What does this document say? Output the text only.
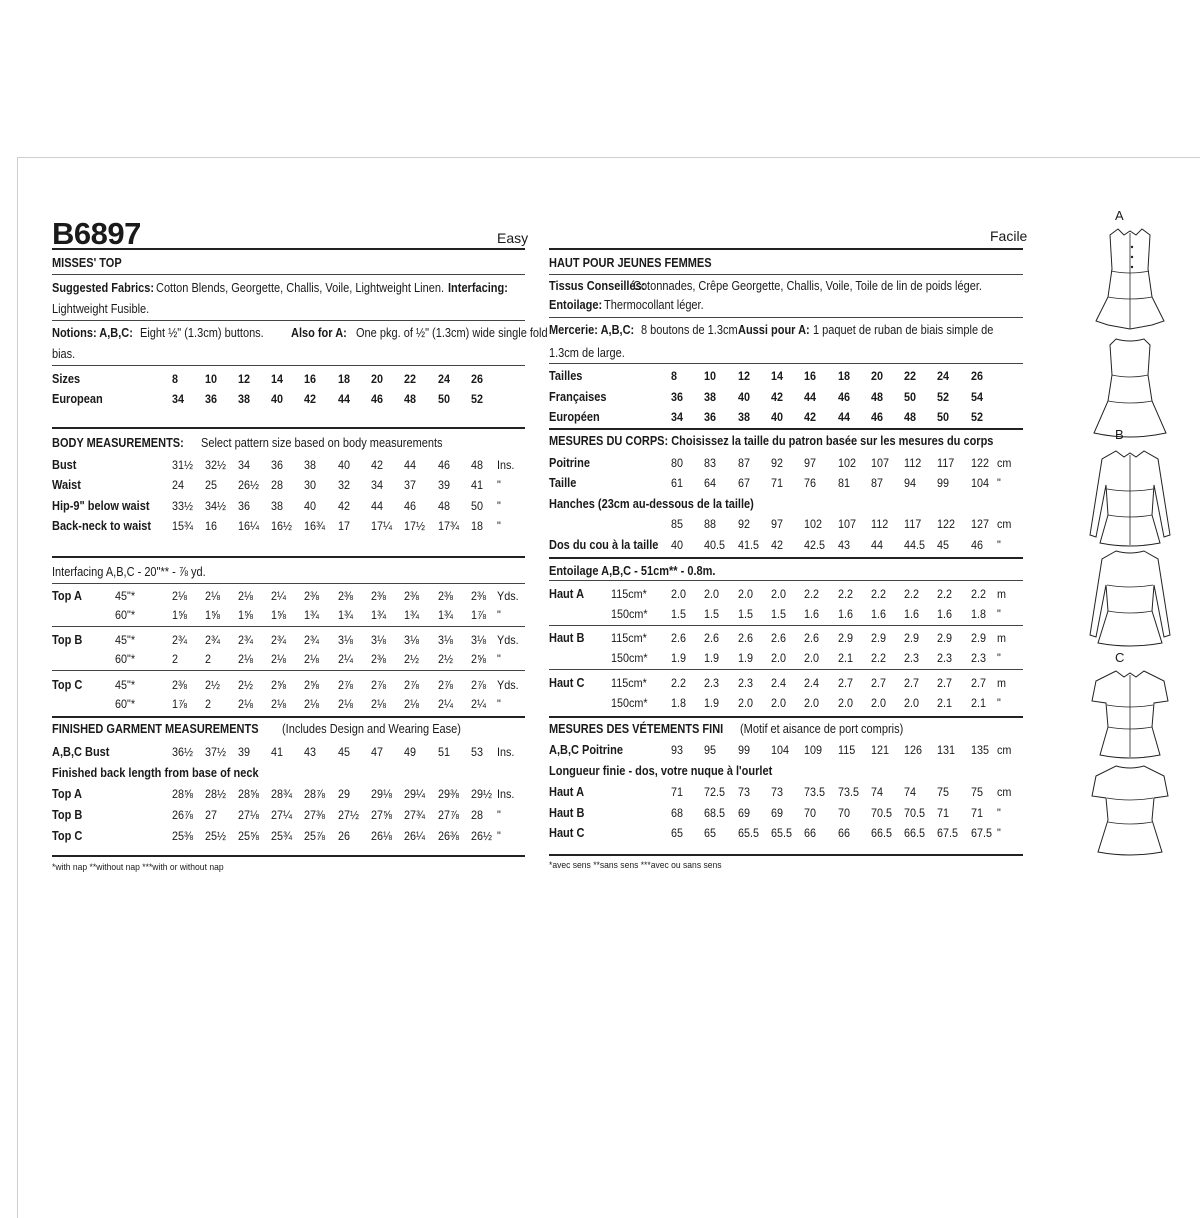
MISSES' TOP
Suggested Fabrics: Cotton Blends, Georgette, Challis, Voile, Lightweight Linen. Interfacing:
Lightweight Fusible.
Notions: A,B,C: Eight ½" (1.3cm) buttons. Also for A: One pkg. of ½" (1.3cm) wide single fold
bias.
Sizes	8 10 12 14 16 18 20 22 24 26
European	34 36 38 40 42 44 46 48 50 52
BODY MEASUREMENTS: Select pattern size based on body measurements
Bust	31½ 32½ 34 36 38 40 42 44 46 48 Ins.
Waist	24 25 26½ 28 30 32 34 37 39 41 "
Hip-9" below waist 33½ 34½ 36 38 40 42 44 46 48 50 "
Back-neck to waist 15¾ 16 16¼ 16½ 16¾ 17 17¼ 17½ 17¾ 18 "
Interfacing A,B,C - 20"** - ⅞ yd.
Top A	45"*	2⅛ 2⅛ 2⅛ 2¼ 2⅜ 2⅜ 2⅜ 2⅜ 2⅜ 2⅜ Yds.
60"*	1⅝ 1⅝ 1⅝ 1⅝ 1¾ 1¾ 1¾ 1¾ 1¾ 1⅞ "
Top B	45"*	2¾ 2¾ 2¾ 2¾ 2¾ 3⅛ 3⅛ 3⅛ 3⅛ 3⅛ Yds.
60"*	2 2 2⅛ 2⅛ 2⅛ 2¼ 2⅜ 2½ 2½ 2⅝ "
Top C	45"*	2⅜ 2½ 2½ 2⅝ 2⅝ 2⅞ 2⅞ 2⅞ 2⅞ 2⅞ Yds.
60"*	1⅞ 2 2⅛ 2⅛ 2⅛ 2⅛ 2⅛ 2⅛ 2¼ 2¼ "
FINISHED GARMENT MEASUREMENTS (Includes Design and Wearing Ease)
A,B,C Bust	36½ 37½ 39 41 43 45 47 49 51 53 Ins.
Finished back length from base of neck
Top A	28⅝ 28½ 28⅝ 28¾ 28⅞ 29 29⅛ 29¼ 29⅜ 29½ Ins.
Top B	26⅞ 27 27⅛ 27¼ 27⅜ 27½ 27⅝ 27¾ 27⅞ 28 "
Top C	25⅜ 25½ 25⅝ 25¾ 25⅞ 26 26⅛ 26¼ 26⅜ 26½ "
*with nap **without nap ***with or without nap
HAUT POUR JEUNES FEMMES
Tissus Conseillés:
Cotonnades, Crêpe Georgette, Challis, Voile, Toile de lin de poids léger.
Entoilage: Thermocollant léger.
Mercerie: A,B,C: 8 boutons de 1.3cm.
Aussi pour A: 1 paquet de ruban de biais simple de
1.3cm de large.
Tailles	8 10 12 14 16 18 20 22 24 26
Françaises	36 38 40 42 44 46 48 50 52 54
Européen	34 36 38 40 42 44 46 48 50 52
MESURES DU CORPS: Choisissez la taille du patron basée sur les mesures du corps
Poitrine	80 83 87 92 97 102 107 112 117 122 cm
Taille	61 64 67 71 76 81 87 94 99 104 "
Hanches (23cm au-dessous de la taille)
85 88 92 97 102 107 112 117 122 127 cm
Dos du cou à la taille 40 40.5 41.5 42 42.5 43 44 44.5 45 46 "
Entoilage A,B,C - 51cm** - 0.8m.
Haut A 115cm* 2.0 2.0 2.0 2.0 2.2 2.2 2.2 2.2 2.2 2.2 m
150cm* 1.5 1.5 1.5 1.5 1.6 1.6 1.6 1.6 1.6 1.8 "
Haut B 115cm* 2.6 2.6 2.6 2.6 2.6 2.9 2.9 2.9 2.9 2.9 m
150cm* 1.9 1.9 1.9 2.0 2.0 2.1 2.2 2.3 2.3 2.3 "
Haut C 115cm* 2.2 2.3 2.3 2.4 2.4 2.7 2.7 2.7 2.7 2.7 m
150cm* 1.8 1.9 2.0 2.0 2.0 2.0 2.0 2.0 2.1 2.1 "
MESURES DES VÉTEMENTS FINI (Motif et aisance de port compris)
A,B,C Poitrine	93 95 99 104 109 115 121 126 131 135 cm
Longueur finie - dos, votre nuque à l'ourlet
Haut A	71 72.5 73 73 73.5 73.5 74 74 75 75 cm
Haut B	68 68.5 69 69 70 70 70.5 70.5 71 71 "
Haut C	65 65 65.5 65.5 66 66 66.5 66.5 67.5 67.5 "
*avec sens **sans sens ***avec ou sans sens
B6897	Easy	Facile
A
B
C
